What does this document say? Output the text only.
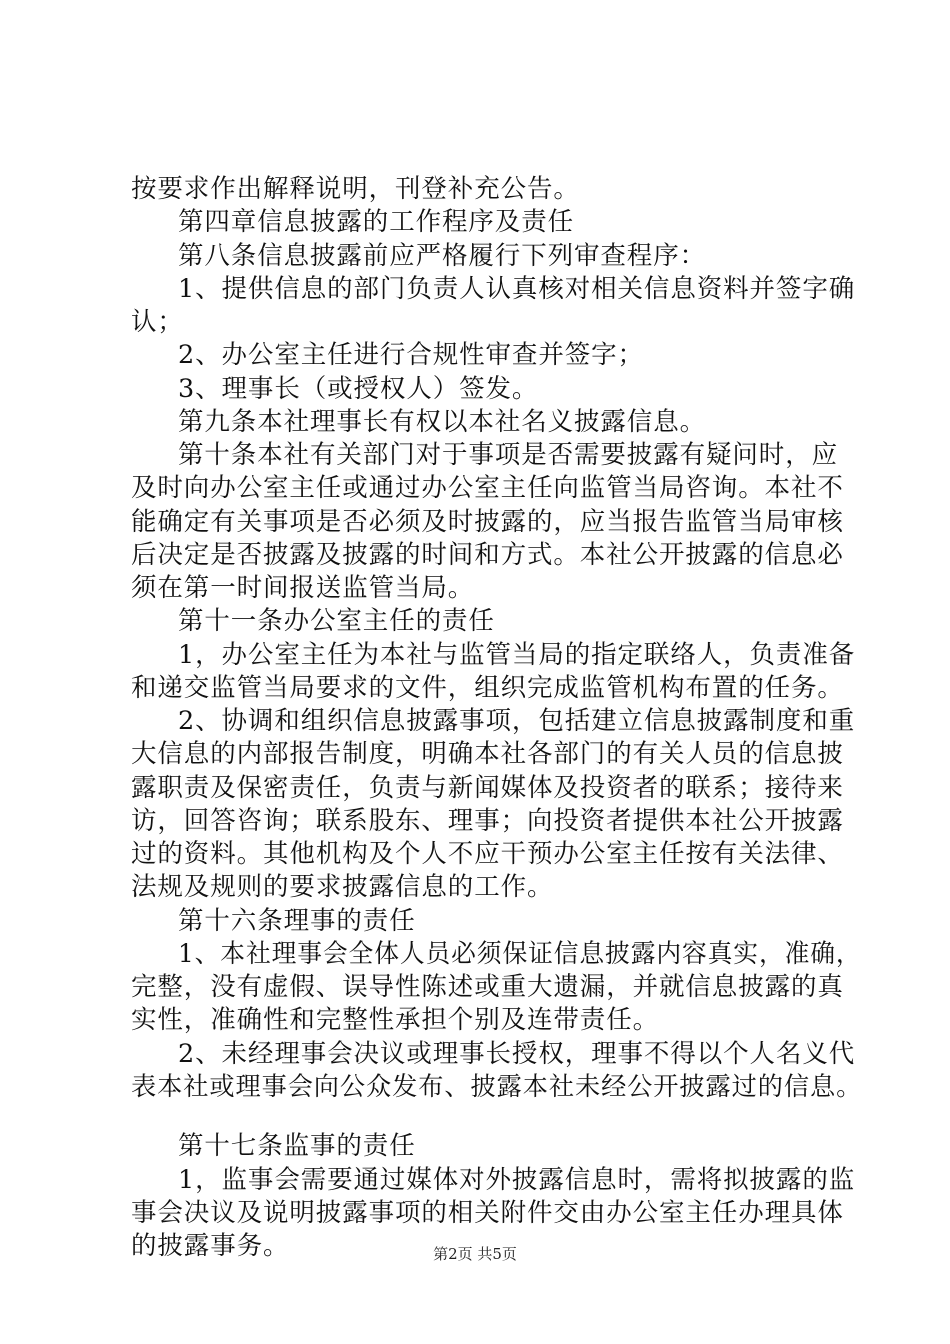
按要求作出解释说明，刊登补充公告。
第四章信息披露的工作程序及责任
第八条信息披露前应严格履行下列审查程序：
1、提供信息的部门负责人认真核对相关信息资料并签字确
认；
2、办公室主任进行合规性审查并签字；
3、理事长（或授权人）签发。
第九条本社理事长有权以本社名义披露信息。
第十条本社有关部门对于事项是否需要披露有疑问时，应
及时向办公室主任或通过办公室主任向监管当局咨询。本社不
能确定有关事项是否必须及时披露的，应当报告监管当局审核
后决定是否披露及披露的时间和方式。本社公开披露的信息必
须在第一时间报送监管当局。
第十一条办公室主任的责任
1，办公室主任为本社与监管当局的指定联络人，负责准备
和递交监管当局要求的文件，组织完成监管机构布置的任务。
2、协调和组织信息披露事项，包括建立信息披露制度和重
大信息的内部报告制度，明确本社各部门的有关人员的信息披
露职责及保密责任，负责与新闻媒体及投资者的联系；接待来
访，回答咨询；联系股东、理事；向投资者提供本社公开披露
过的资料。其他机构及个人不应干预办公室主任按有关法律、
法规及规则的要求披露信息的工作。
第十六条理事的责任
1、本社理事会全体人员必须保证信息披露内容真实，准确，
完整，没有虚假、误导性陈述或重大遗漏，并就信息披露的真
实性，准确性和完整性承担个别及连带责任。
2、未经理事会决议或理事长授权，理事不得以个人名义代
表本社或理事会向公众发布、披露本社未经公开披露过的信息。
第十七条监事的责任
1，监事会需要通过媒体对外披露信息时，需将拟披露的监
事会决议及说明披露事项的相关附件交由办公室主任办理具体
的披露事务。	第2页 共5页
